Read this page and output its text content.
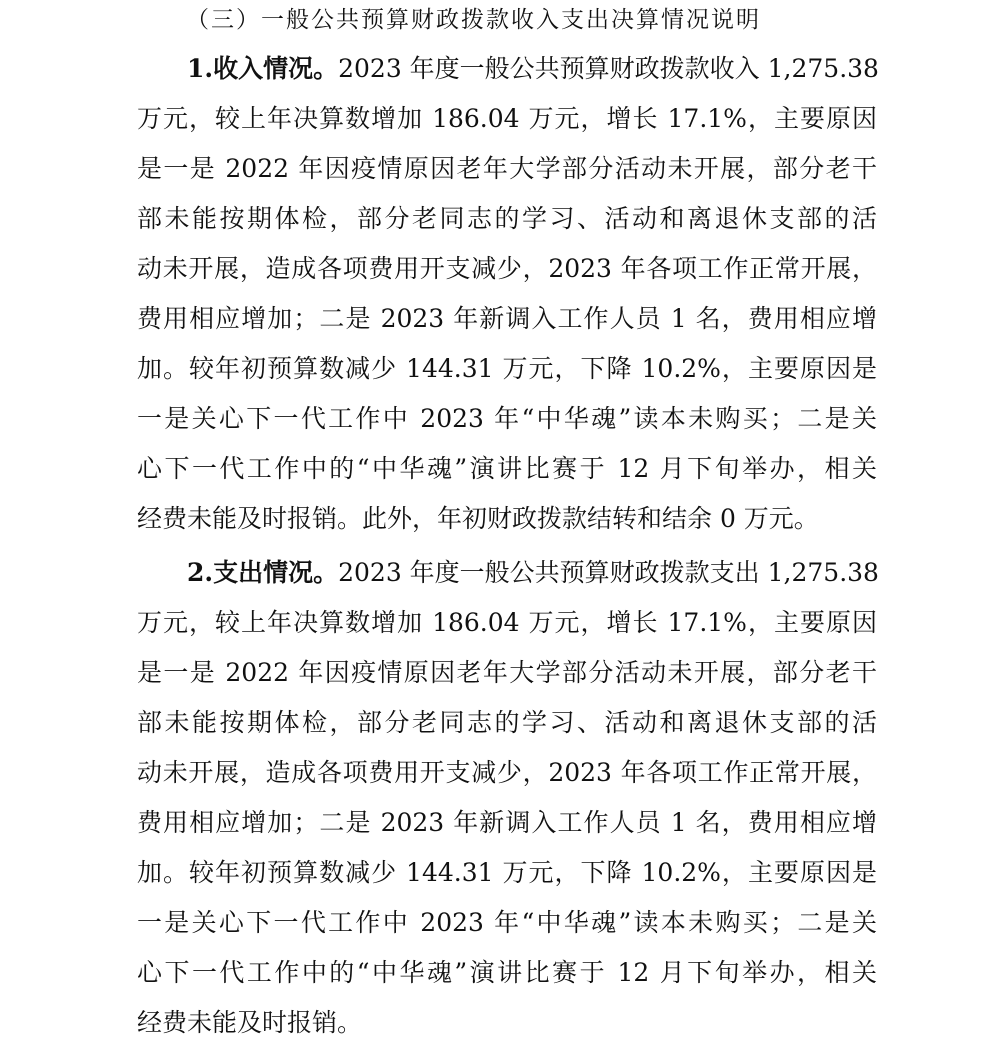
（三）一般公共预算财政拨款收入支出决算情况说明
1.收入情况。2023 年度一般公共预算财政拨款收入 1,275.38
万元，较上年决算数增加 186.04 万元，增长 17.1%，主要原因
是一是 2022 年因疫情原因老年大学部分活动未开展，部分老干
部未能按期体检，部分老同志的学习、活动和离退休支部的活
动未开展，造成各项费用开支减少，2023 年各项工作正常开展，
费用相应增加；二是 2023 年新调入工作人员 1 名，费用相应增
加。较年初预算数减少 144.31 万元，下降 10.2%，主要原因是
一是关心下一代工作中 2023 年“中华魂”读本未购买；二是关
心下一代工作中的“中华魂”演讲比赛于 12 月下旬举办，相关
经费未能及时报销。此外，年初财政拨款结转和结余 0 万元。
2.支出情况。2023 年度一般公共预算财政拨款支出 1,275.38
万元，较上年决算数增加 186.04 万元，增长 17.1%，主要原因
是一是 2022 年因疫情原因老年大学部分活动未开展，部分老干
部未能按期体检，部分老同志的学习、活动和离退休支部的活
动未开展，造成各项费用开支减少，2023 年各项工作正常开展，
费用相应增加；二是 2023 年新调入工作人员 1 名，费用相应增
加。较年初预算数减少 144.31 万元，下降 10.2%，主要原因是
一是关心下一代工作中 2023 年“中华魂”读本未购买；二是关
心下一代工作中的“中华魂”演讲比赛于 12 月下旬举办，相关
经费未能及时报销。
